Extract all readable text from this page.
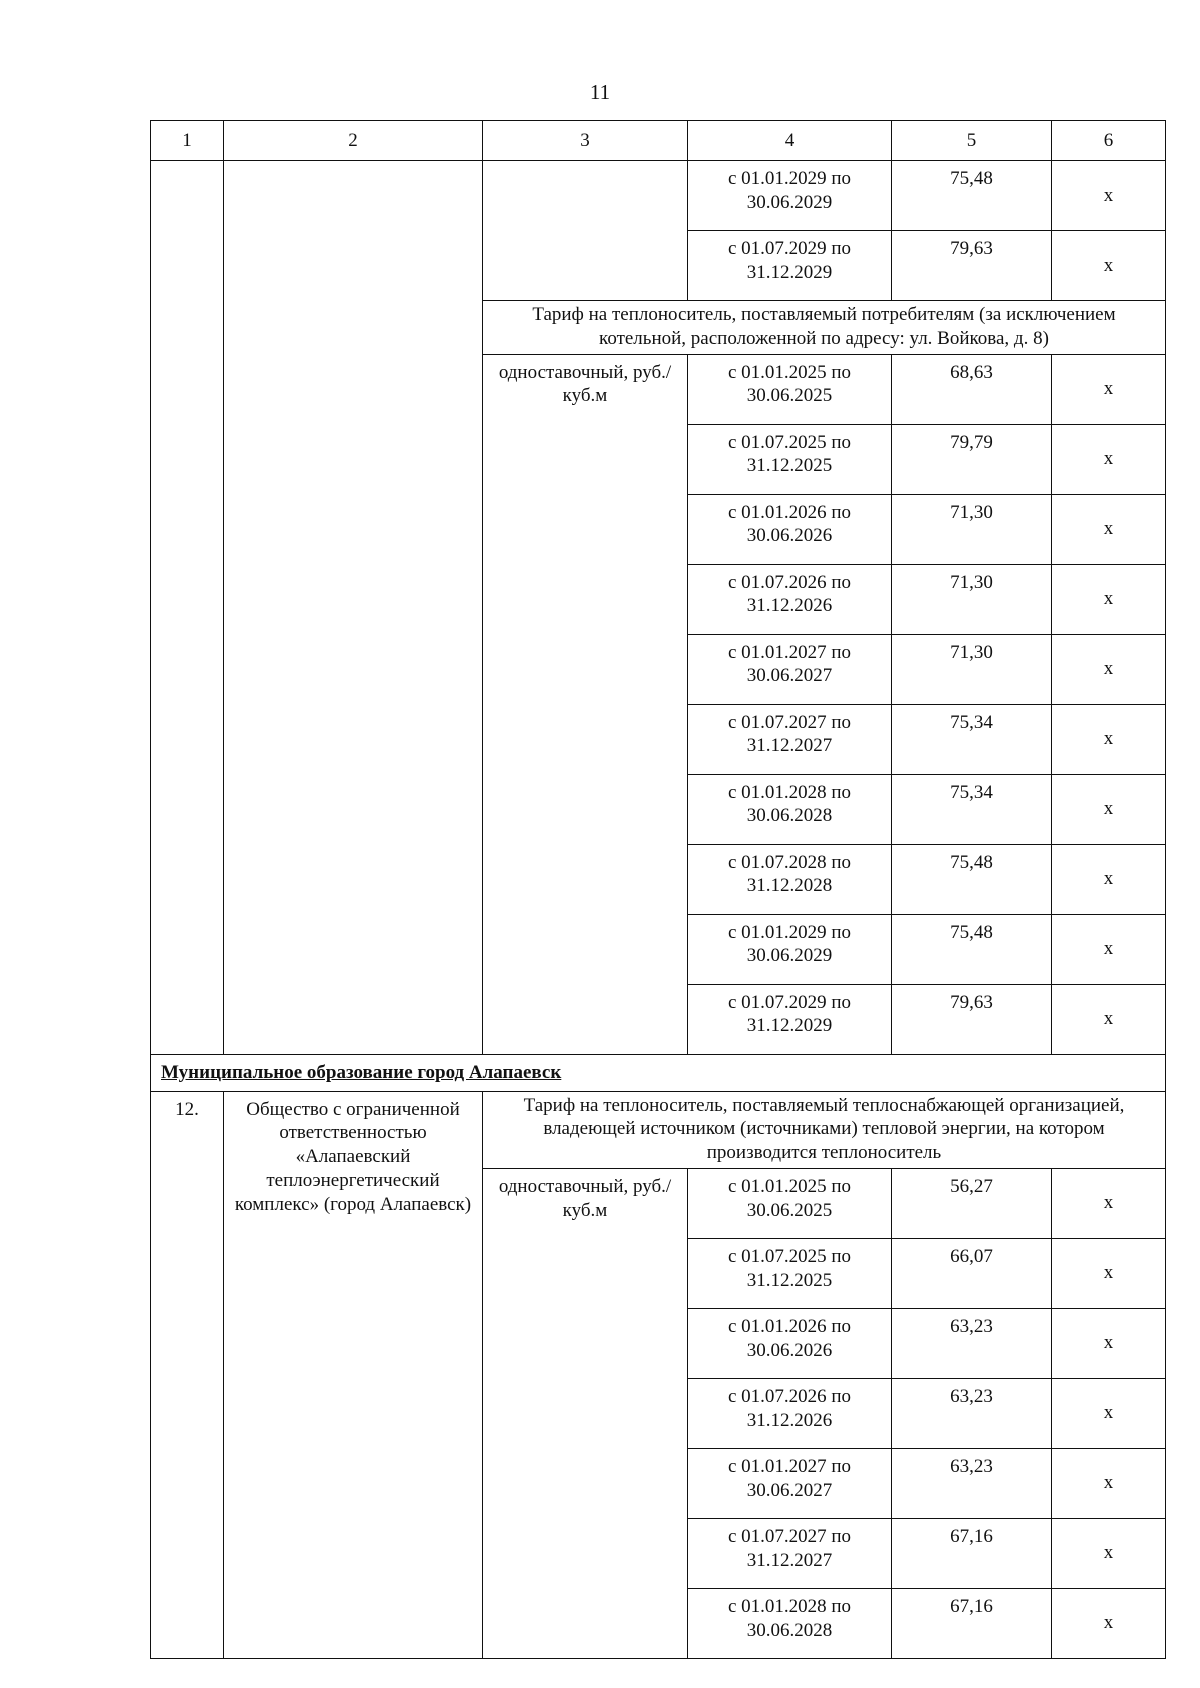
11
1	2	3	4	5	6

			с 01.01.2029 по
30.06.2029	75,48	х

			с 01.07.2029 по
31.12.2029	79,63	х
		Тариф на теплоноситель, поставляемый потребителям (за исключением котельной, расположенной по адресу: ул. Войкова, д. 8)			
		одноставочный, руб./куб.м	с 01.01.2025 по
30.06.2025	68,63	х

			с 01.07.2025 по
31.12.2025	79,79	х

			с 01.01.2026 по
30.06.2026	71,30	х

			с 01.07.2026 по
31.12.2026	71,30	х

			с 01.01.2027 по
30.06.2027	71,30	х

			с 01.07.2027 по
31.12.2027	75,34	х

			с 01.01.2028 по
30.06.2028	75,34	х

			с 01.07.2028 по
31.12.2028	75,48	х

			с 01.01.2029 по
30.06.2029	75,48	х

			с 01.07.2029 по
31.12.2029	79,63	х
Муниципальное образование город Алапаевск					
12.	Общество с ограниченной ответственностью «Алапаевский теплоэнергетический комплекс» (город Алапаевск)	Тариф на теплоноситель, поставляемый теплоснабжающей организацией, владеющей источником (источниками) тепловой энергии, на котором производится теплоноситель			
		одноставочный, руб./куб.м	с 01.01.2025 по
30.06.2025	56,27	х

			с 01.07.2025 по
31.12.2025	66,07	х

			с 01.01.2026 по
30.06.2026	63,23	х

			с 01.07.2026 по
31.12.2026	63,23	х

			с 01.01.2027 по
30.06.2027	63,23	х

			с 01.07.2027 по
31.12.2027	67,16	х

			с 01.01.2028 по
30.06.2028	67,16	х
